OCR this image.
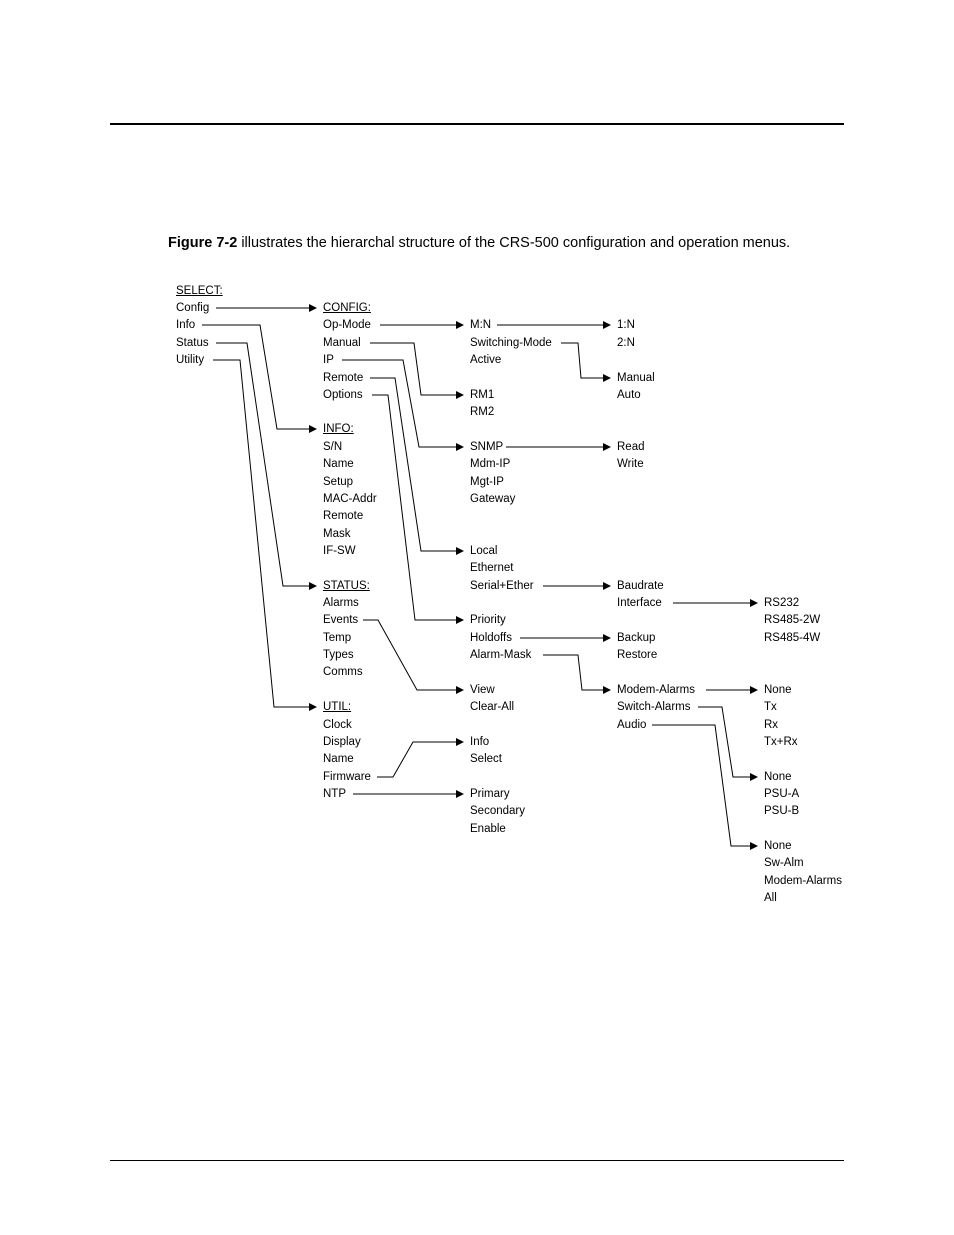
Figure 7-2 illustrates the hierarchal structure of the CRS-500 configuration and operation menus.

SELECT:
Config
Info
Status
Utility
CONFIG:
Op-Mode
Manual
IP
Remote
Options
INFO:
S/N
Name
Setup
MAC-Addr
Remote
Mask
IF-SW
STATUS:
Alarms
Events
Temp
Types
Comms
UTIL:
Clock
Display
Name
Firmware
NTP
M:N
Switching-Mode
Active
RM1
RM2
SNMP
Mdm-IP
Mgt-IP
Gateway
Local
Ethernet
Serial+Ether
Priority
Holdoffs
Alarm-Mask
View
Clear-All
Info
Select
Primary
Secondary
Enable
1:N
2:N
Manual
Auto
Read
Write
Baudrate
Interface
Backup
Restore
Modem-Alarms
Switch-Alarms
Audio
RS232
RS485-2W
RS485-4W
None
Tx
Rx
Tx+Rx
None
PSU-A
PSU-B
None
Sw-Alm
Modem-Alarms
All
